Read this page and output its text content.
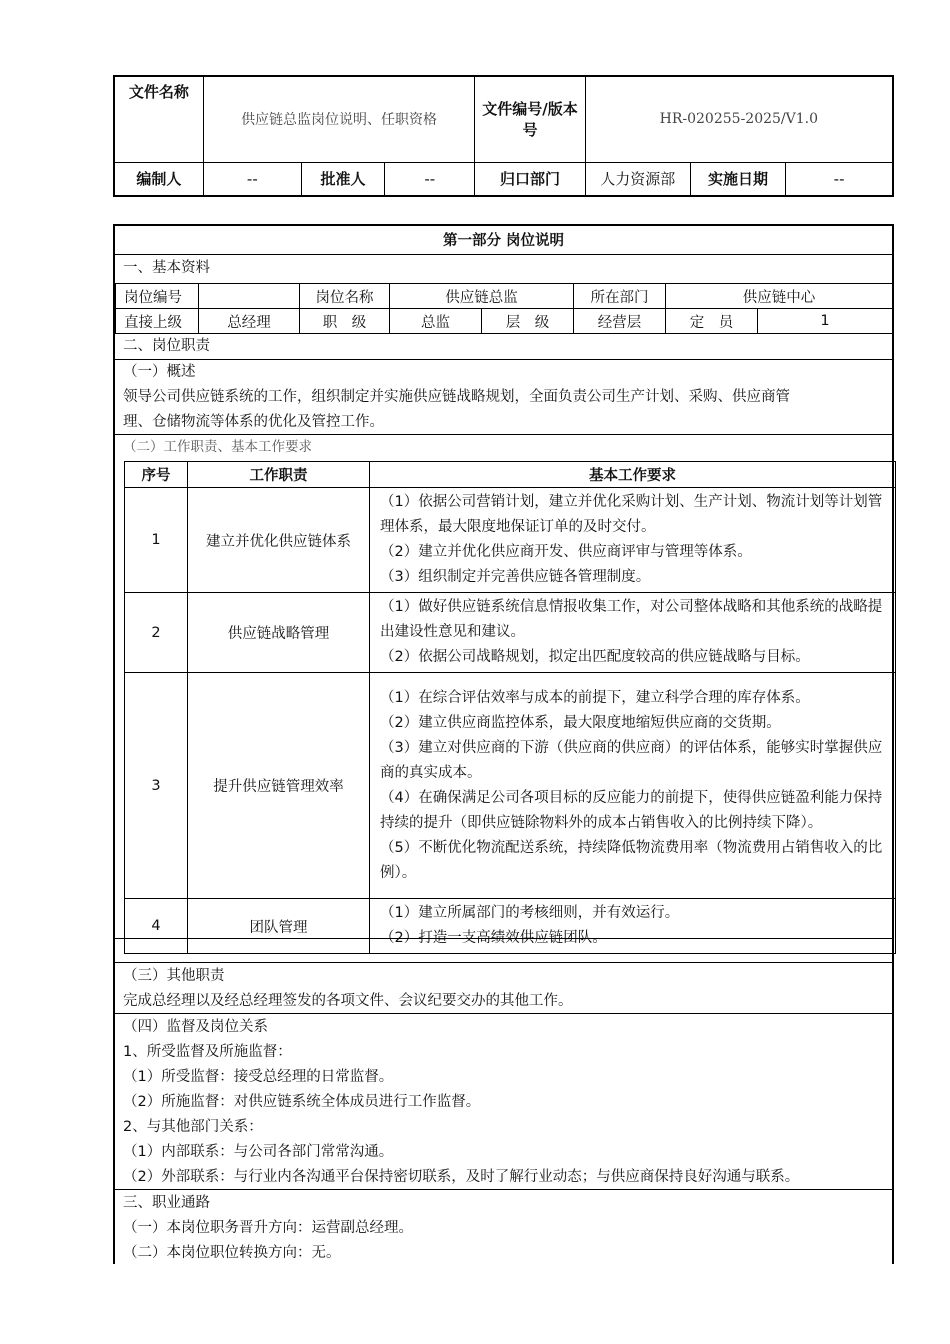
文件名称	供应链总监岗位说明、任职资格			文件编号/版本号	HR-020255-2025/V1.0		
编制人	--	批准人	--	归口部门	人力资源部	实施日期	--
第一部分 岗位说明
一、基本资料
岗位编号		岗位名称	供应链总监		所在部门	供应链中心	
直接上级	总经理	职　级	总监	层　级	经营层	定　员	1
二、岗位职责
（一）概述
领导公司供应链系统的工作，组织制定并实施供应链战略规划，全面负责公司生产计划、采购、供应商管
理、仓储物流等体系的优化及管控工作。
（二）工作职责、基本工作要求
序号	工作职责	基本工作要求
1	建立并优化供应链体系	（1）依据公司营销计划，建立并优化采购计划、生产计划、物流计划等计划管理体系，最大限度地保证订单的及时交付。

（2）建立并优化供应商开发、供应商评审与管理等体系。

（3）组织制定并完善供应链各管理制度。

2	供应链战略管理	（1）做好供应链系统信息情报收集工作，对公司整体战略和其他系统的战略提出建设性意见和建议。

（2）依据公司战略规划，拟定出匹配度较高的供应链战略与目标。

3	提升供应链管理效率	（1）在综合评估效率与成本的前提下，建立科学合理的库存体系。

（2）建立供应商监控体系，最大限度地缩短供应商的交货期。

（3）建立对供应商的下游（供应商的供应商）的评估体系，能够实时掌握供应商的真实成本。

（4）在确保满足公司各项目标的反应能力的前提下，使得供应链盈利能力保持持续的提升（即供应链除物料外的成本占销售收入的比例持续下降）。

（5）不断优化物流配送系统，持续降低物流费用率（物流费用占销售收入的比例）。

4	团队管理	（1）建立所属部门的考核细则，并有效运行。

（2）打造一支高绩效供应链团队。

（三）其他职责
完成总经理以及经总经理签发的各项文件、会议纪要交办的其他工作。
（四）监督及岗位关系
1、所受监督及所施监督：
（1）所受监督：接受总经理的日常监督。
（2）所施监督：对供应链系统全体成员进行工作监督。
2、与其他部门关系：
（1）内部联系：与公司各部门常常沟通。
（2）外部联系：与行业内各沟通平台保持密切联系，及时了解行业动态；与供应商保持良好沟通与联系。
三、职业通路
（一）本岗位职务晋升方向：运营副总经理。
（二）本岗位职位转换方向：无。
